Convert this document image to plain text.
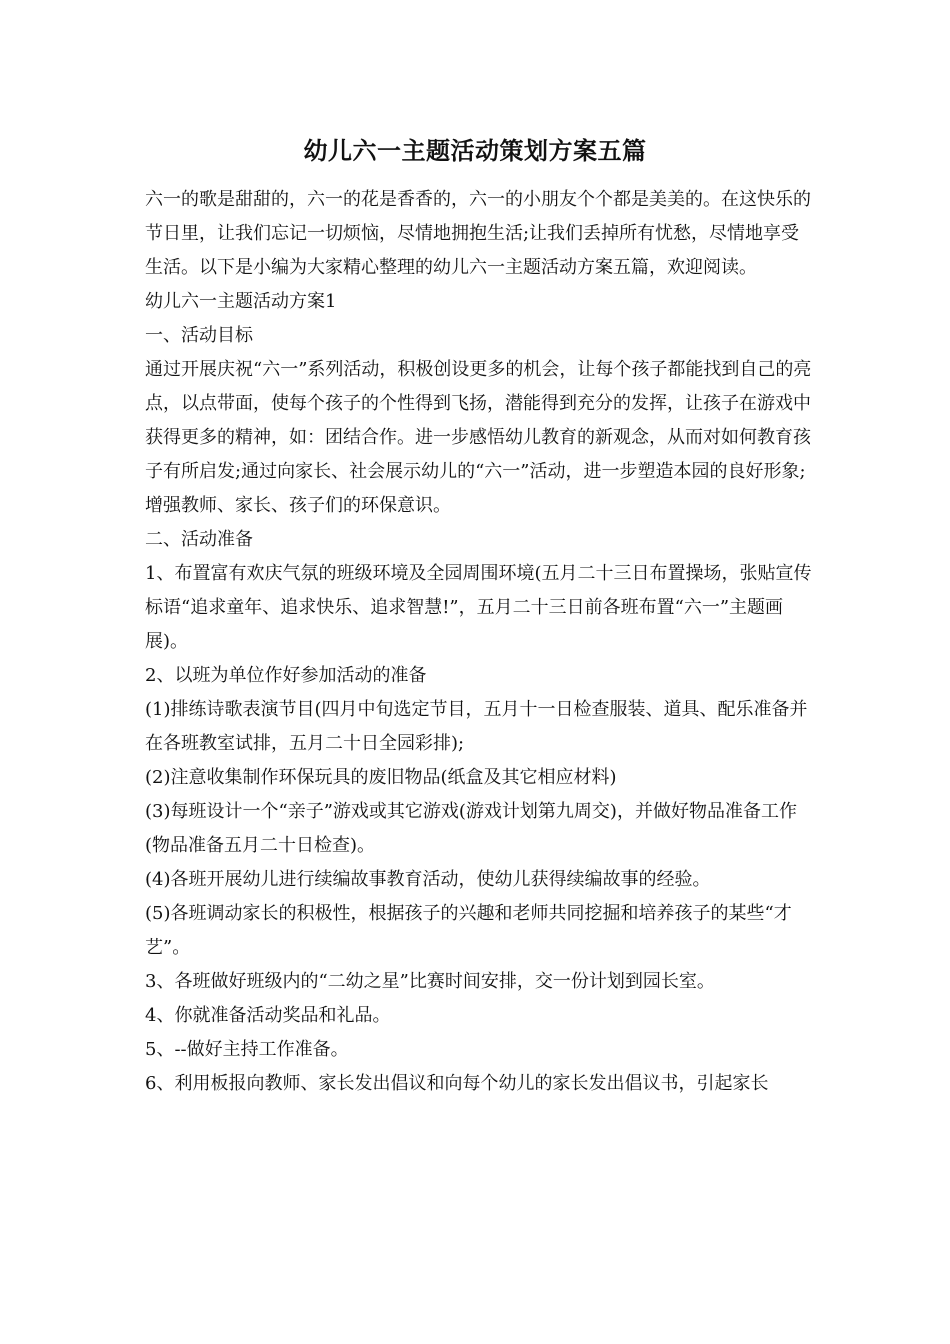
幼儿六一主题活动策划方案五篇

六一的歌是甜甜的，六一的花是香香的，六一的小朋友个个都是美美的。在这快乐的节日里，让我们忘记一切烦恼，尽情地拥抱生活;让我们丢掉所有忧愁，尽情地享受生活。以下是小编为大家精心整理的幼儿六一主题活动方案五篇，欢迎阅读。

幼儿六一主题活动方案1

一、活动目标

通过开展庆祝“六一”系列活动，积极创设更多的机会，让每个孩子都能找到自己的亮点，以点带面，使每个孩子的个性得到飞扬，潜能得到充分的发挥，让孩子在游戏中获得更多的精神，如：团结合作。进一步感悟幼儿教育的新观念，从而对如何教育孩子有所启发;通过向家长、社会展示幼儿的“六一”活动，进一步塑造本园的良好形象;增强教师、家长、孩子们的环保意识。

二、活动准备

1、布置富有欢庆气氛的班级环境及全园周围环境(五月二十三日布置操场，张贴宣传标语“追求童年、追求快乐、追求智慧!”，五月二十三日前各班布置“六一”主题画展)。

2、以班为单位作好参加活动的准备

(1)排练诗歌表演节目(四月中旬选定节目，五月十一日检查服装、道具、配乐准备并在各班教室试排，五月二十日全园彩排);

(2)注意收集制作环保玩具的废旧物品(纸盒及其它相应材料)

(3)每班设计一个“亲子”游戏或其它游戏(游戏计划第九周交)，并做好物品准备工作(物品准备五月二十日检查)。

(4)各班开展幼儿进行续编故事教育活动，使幼儿获得续编故事的经验。

(5)各班调动家长的积极性，根据孩子的兴趣和老师共同挖掘和培养孩子的某些“才艺”。

3、各班做好班级内的“二幼之星”比赛时间安排，交一份计划到园长室。

4、你就准备活动奖品和礼品。

5、--做好主持工作准备。

6、利用板报向教师、家长发出倡议和向每个幼儿的家长发出倡议书，引起家长
